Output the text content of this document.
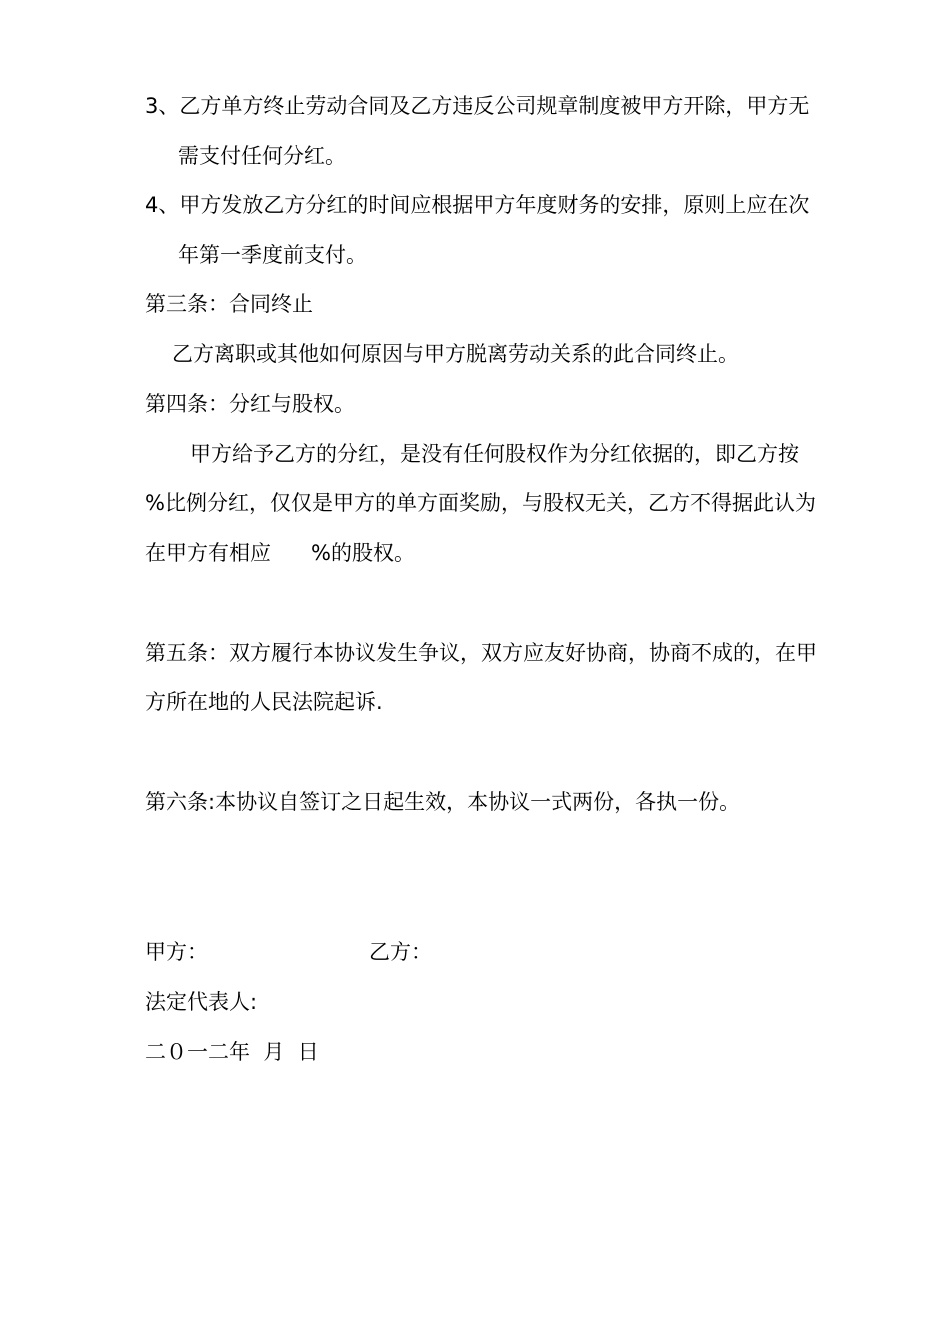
3、乙方单方终止劳动合同及乙方违反公司规章制度被甲方开除，甲方无
需支付任何分红。
4、甲方发放乙方分红的时间应根据甲方年度财务的安排，原则上应在次
年第一季度前支付。
第三条：合同终止
乙方离职或其他如何原因与甲方脱离劳动关系的此合同终止。
第四条：分红与股权。
甲方给予乙方的分红，是没有任何股权作为分红依据的，即乙方按
%比例分红，仅仅是甲方的单方面奖励，与股权无关，乙方不得据此认为
在甲方有相应      %的股权。
第五条：双方履行本协议发生争议，双方应友好协商，协商不成的，在甲
方所在地的人民法院起诉.
第六条:本协议自签订之日起生效，本协议一式两份，各执一份。
甲方：	乙方：
法定代表人:
二０一二年  月  日
